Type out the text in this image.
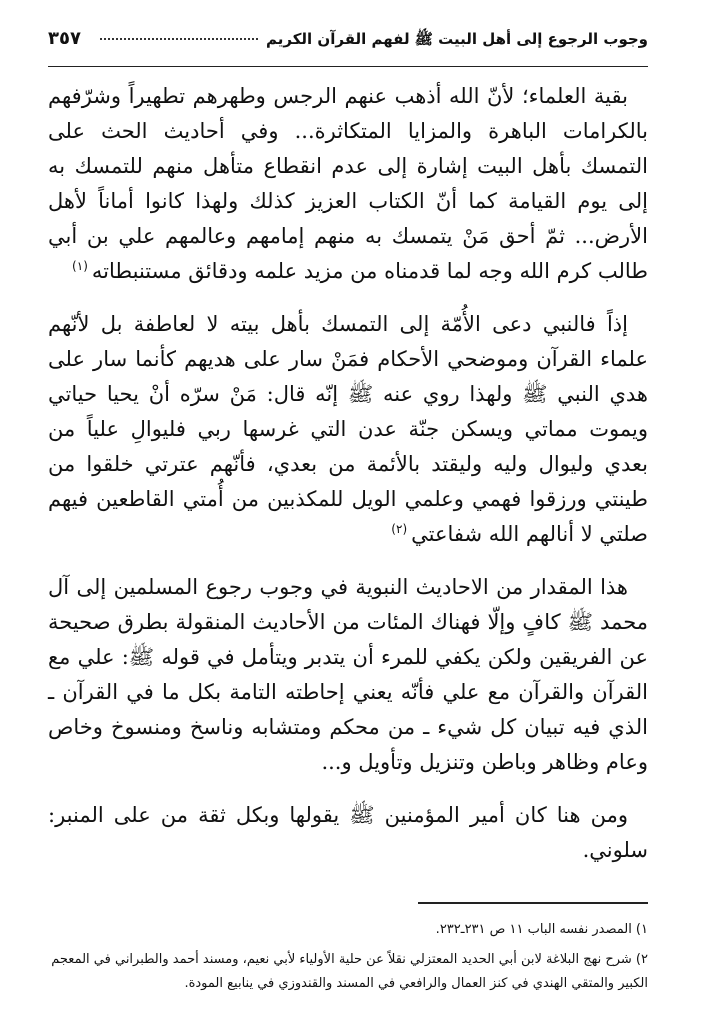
وجوب الرجوع إلى أهل البيت ﷺ لفهم القرآن الكريم
٣٥٧

بقية العلماء؛ لأنّ الله أذهب عنهم الرجس وطهرهم تطهيراً وشرّفهم بالكرامات الباهرة والمزايا المتكاثرة... وفي أحاديث الحث على التمسك بأهل البيت إشارة إلى عدم انقطاع متأهل منهم للتمسك به إلى يوم القيامة كما أنّ الكتاب العزيز كذلك ولهذا كانوا أماناً لأهل الأرض... ثمّ أحق مَنْ يتمسك به منهم إمامهم وعالمهم علي بن أبي طالب كرم الله وجه لما قدمناه من مزيد علمه ودقائق مستنبطاته$^{(١)}$

إذاً فالنبي دعى الأُمّة إلى التمسك بأهل بيته لا لعاطفة بل لأنّهم علماء القرآن وموضحي الأحكام فمَنْ سار على هديهم كأنما سار على هدي النبي ﷺ ولهذا روي عنه ﷺ إنّه قال: مَنْ سرّه أنْ يحيا حياتي ويموت مماتي ويسكن جنّة عدن التي غرسها ربي فليوالِ علياً من بعدي وليوال وليه وليقتد بالأئمة من بعدي، فأنّهم عترتي خلقوا من طينتي ورزقوا فهمي وعلمي الويل للمكذبين من أُمتي القاطعين فيهم صلتي لا أنالهم الله شفاعتي$^{(٢)}$

هذا المقدار من الاحاديث النبوية في وجوب رجوع المسلمين إلى آل محمد ﷺ كافٍ وإلّا فهناك المئات من الأحاديث المنقولة بطرق صحيحة عن الفريقين ولكن يكفي للمرء أن يتدبر ويتأمل في قوله ﷺ: علي مع القرآن والقرآن مع علي فأنّه يعني إحاطته التامة بكل ما في القرآن ـ الذي فيه تبيان كل شيء ـ من محكم ومتشابه وناسخ ومنسوخ وخاص وعام وظاهر وباطن وتنزيل وتأويل و...

ومن هنا كان أمير المؤمنين ﷺ يقولها وبكل ثقة من على المنبر: سلوني.

١) المصدر نفسه الباب ١١ ص ٢٣١ـ٢٣٢.

٢) شرح نهج البلاغة لابن أبي الحديد المعتزلي نقلاً عن حلية الأولياء لأبي نعيم، ومسند أحمد والطبراني في المعجم الكبير والمتقي الهندي في كنز العمال والرافعي في المسند والقندوزي في ينابيع المودة.
